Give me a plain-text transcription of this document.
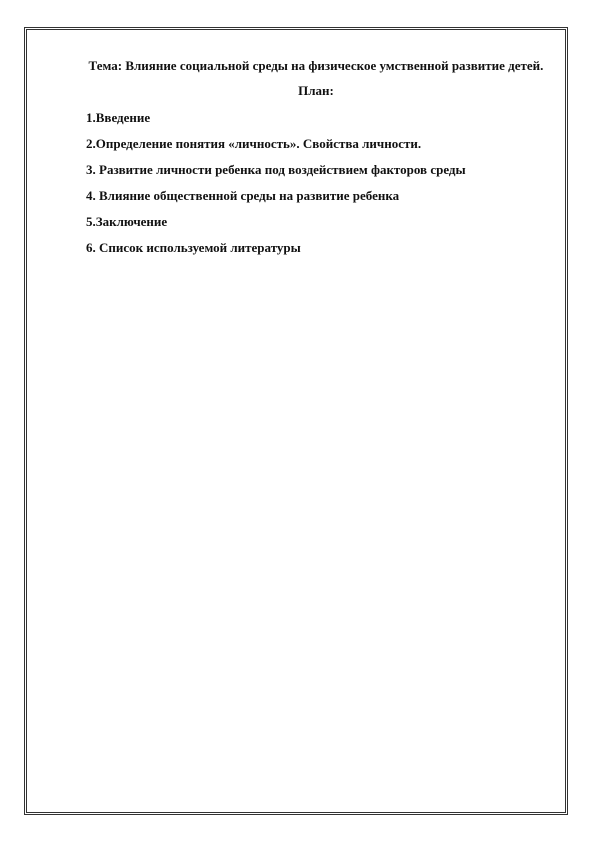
Тема: Влияние социальной среды на физическое умственной развитие детей.

План:

1.Введение
2.Определение понятия «личность». Свойства личности.
3. Развитие личности ребенка под воздействием факторов среды
4. Влияние общественной среды на развитие ребенка
5.Заключение
6. Список используемой литературы
